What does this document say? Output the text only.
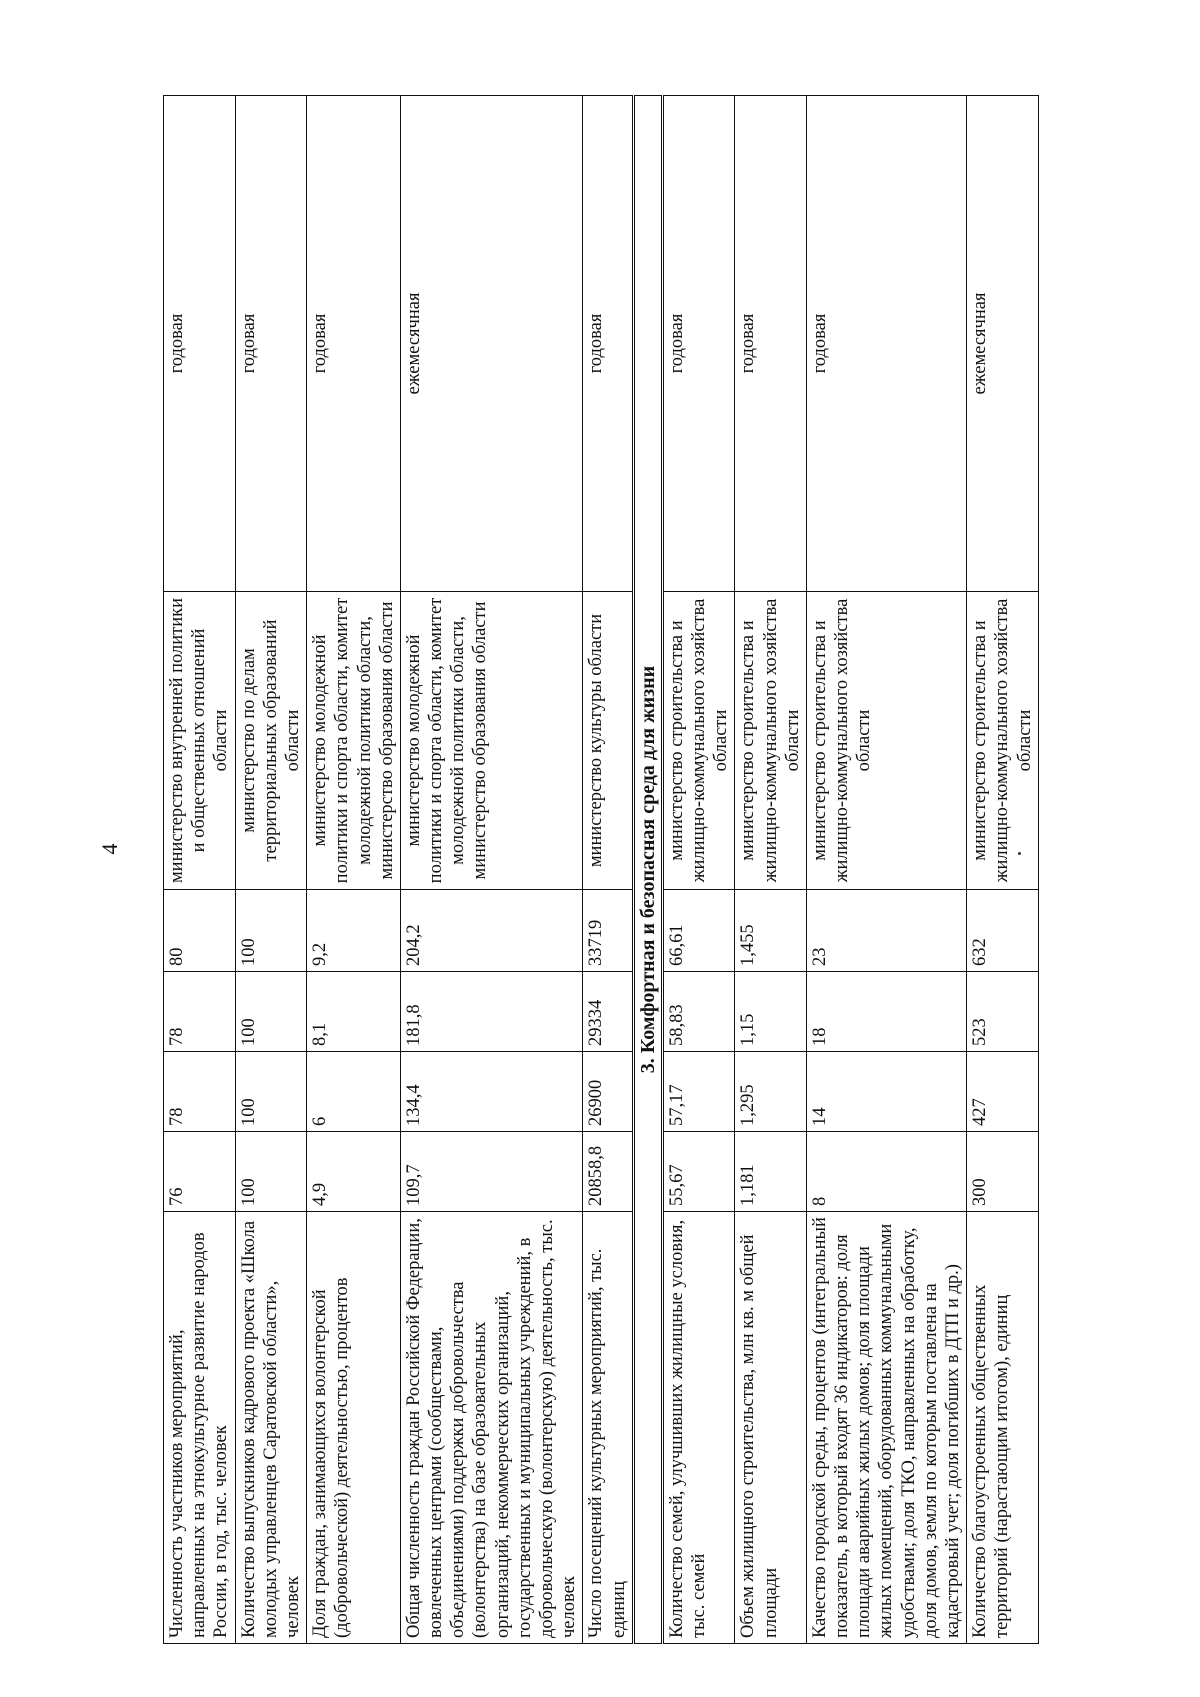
4
Численность участников мероприятий, направленных на этнокультурное развитие народов России, в год, тыс. человек	76	78	78	80	министерство внутренней политики и общественных отношений области	годовая
Количество выпускников кадрового проекта «Школа молодых управленцев Саратовской области», человек	100	100	100	100	министерство по делам территориальных образований области	годовая
Доля граждан, занимающихся волонтерской (добровольческой) деятельностью, процентов	4,9	6	8,1	9,2	министерство молодежной политики и спорта области, комитет молодежной политики области, министерство образования области	годовая
Общая численность граждан Российской Федерации, вовлеченных центрами (сообществами, объединениями) поддержки добровольчества (волонтерства) на базе образовательных организаций, некоммерческих организаций, государственных и муниципальных учреждений, в добровольческую (волонтерскую) деятельность, тыс. человек	109,7	134,4	181,8	204,2	министерство молодежной политики и спорта области, комитет молодежной политики области, министерство образования области	ежемесячная
Число посещений культурных мероприятий, тыс. единиц	20858,8	26900	29334	33719	министерство культуры области	годовая
3. Комфортная и безопасная среда для жизни						
Количество семей, улучшивших жилищные условия, тыс. семей	55,67	57,17	58,83	66,61	министерство строительства и жилищно-коммунального хозяйства области	годовая
Объем жилищного строительства, млн кв. м общей площади	1,181	1,295	1,15	1,455	министерство строительства и жилищно-коммунального хозяйства области	годовая
Качество городской среды, процентов (интегральный показатель, в который входят 36 индикаторов: доля площади аварийных жилых домов; доля площади жилых помещений, оборудованных коммунальными удобствами; доля ТКО, направленных на обработку, доля домов, земля по которым поставлена на кадастровый учет; доля погибших в ДТП и др.)	8	14	18	23	министерство строительства и жилищно-коммунального хозяйства области	годовая
Количество благоустроенных общественных территорий (нарастающим итогом), единиц	300	427	523	632	министерство строительства и жилищно-коммунального хозяйства области	ежемесячная
